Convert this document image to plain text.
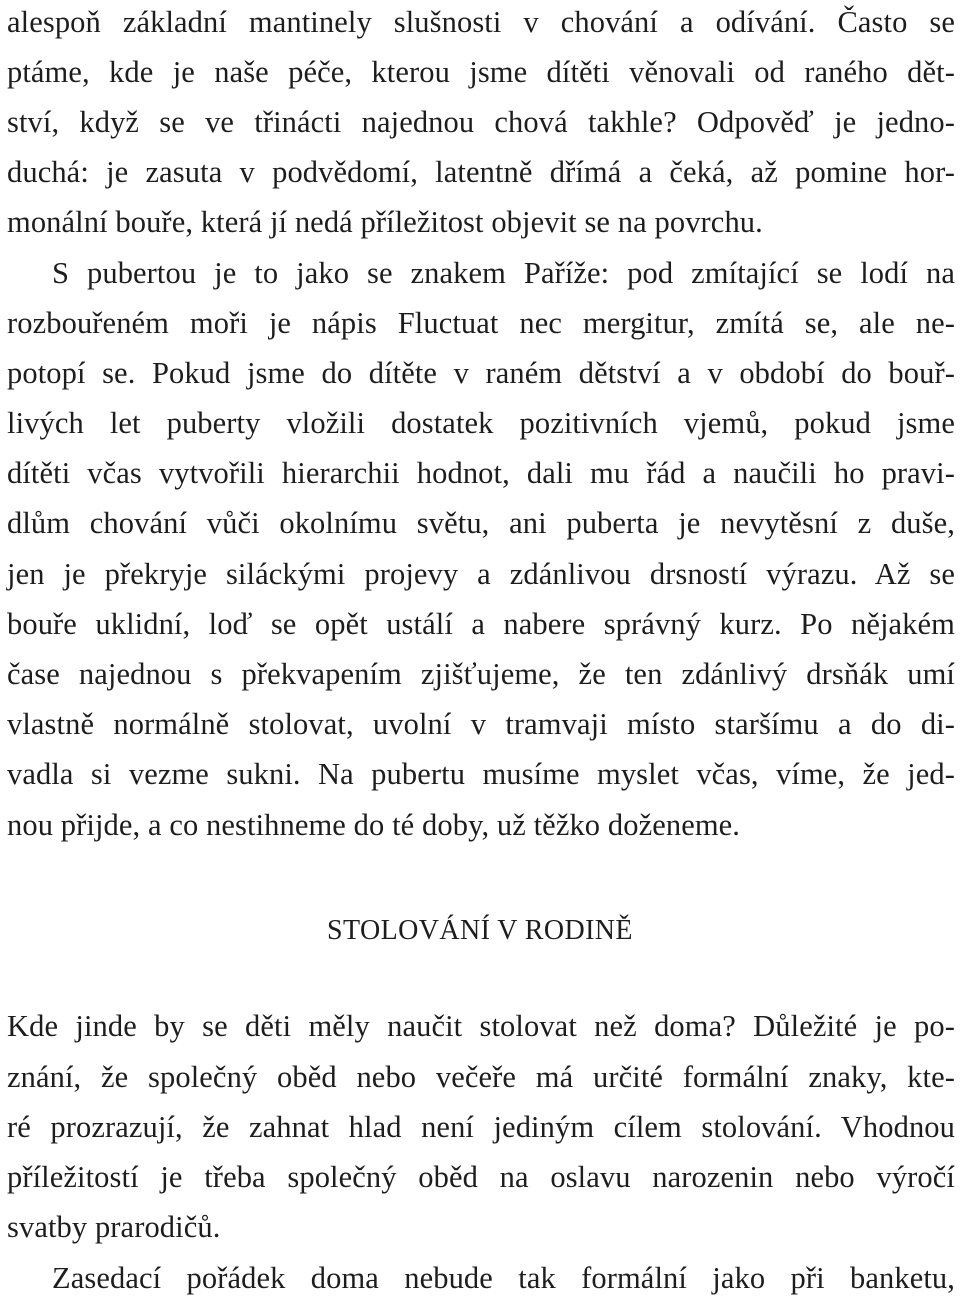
alespoň základní mantinely slušnosti v chování a odívání. Často se
ptáme, kde je naše péče, kterou jsme dítěti věnovali od raného dět-
ství, když se ve třinácti najednou chová takhle? Odpověď je jedno-
duchá: je zasuta v podvědomí, latentně dřímá a čeká, až pomine hor-
monální bouře, která jí nedá příležitost objevit se na povrchu.
S pubertou je to jako se znakem Paříže: pod zmítající se lodí na
rozbouřeném moři je nápis Fluctuat nec mergitur, zmítá se, ale ne-
potopí se. Pokud jsme do dítěte v raném dětství a v období do bouř-
livých let puberty vložili dostatek pozitivních vjemů, pokud jsme
dítěti včas vytvořili hierarchii hodnot, dali mu řád a naučili ho pravi-
dlům chování vůči okolnímu světu, ani puberta je nevytěsní z duše,
jen je překryje siláckými projevy a zdánlivou drsností výrazu. Až se
bouře uklidní, loď se opět ustálí a nabere správný kurz. Po nějakém
čase najednou s překvapením zjišťujeme, že ten zdánlivý drsňák umí
vlastně normálně stolovat, uvolní v tramvaji místo staršímu a do di-
vadla si vezme sukni. Na pubertu musíme myslet včas, víme, že jed-
nou přijde, a co nestihneme do té doby, už těžko doženeme.
STOLOVÁNÍ V RODINĚ
Kde jinde by se děti měly naučit stolovat než doma? Důležité je po-
znání, že společný oběd nebo večeře má určité formální znaky, kte-
ré prozrazují, že zahnat hlad není jediným cílem stolování. Vhodnou
příležitostí je třeba společný oběd na oslavu narozenin nebo výročí
svatby prarodičů.
Zasedací pořádek doma nebude tak formální jako při banketu,
